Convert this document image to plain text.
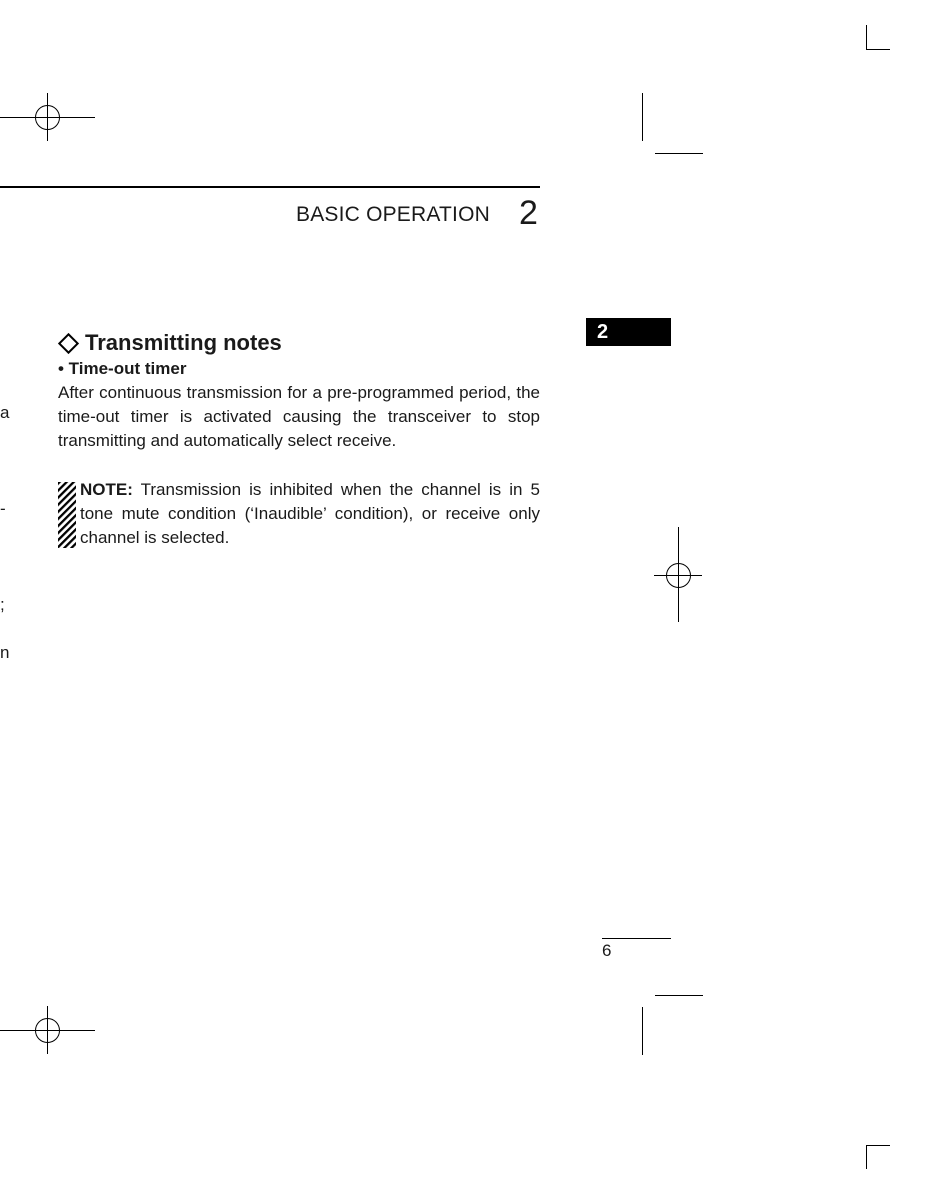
BASIC OPERATION 2
2
Transmitting notes
• Time-out timer
After continuous transmission for a pre-programmed period, the time-out timer is activated causing the transceiver to stop transmitting and automatically select receive.
NOTE: Transmission is inhibited when the channel is in 5 tone mute condition (‘Inaudible’ condition), or receive only channel is selected.
a
-
;
n
6
